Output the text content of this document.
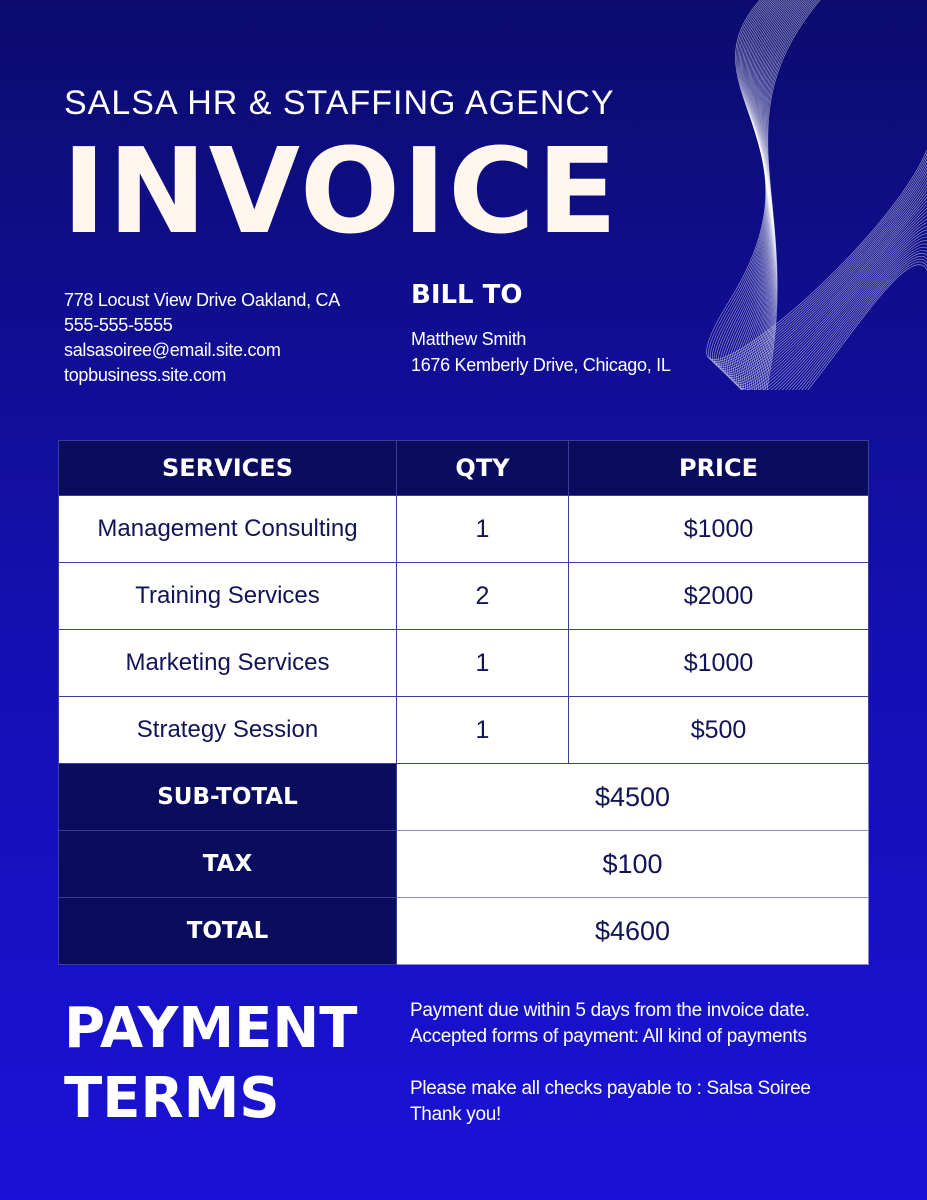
SALSA HR & STAFFING AGENCY
INVOICE
778 Locust View Drive Oakland, CA
555-555-5555
salsasoiree@email.site.com
topbusiness.site.com
BILL TO
Matthew Smith
1676 Kemberly Drive, Chicago, IL
SERVICES	QTY	PRICE
Management Consulting	1	$1000
Training Services	2	$2000
Marketing Services	1	$1000
Strategy Session	1	$500
SUB-TOTAL	$4500	
TAX	$100	
TOTAL	$4600	
PAYMENT
TERMS
Payment due within 5 days from the invoice date.
Accepted forms of payment: All kind of payments
Please make all checks payable to : Salsa Soiree
Thank you!
